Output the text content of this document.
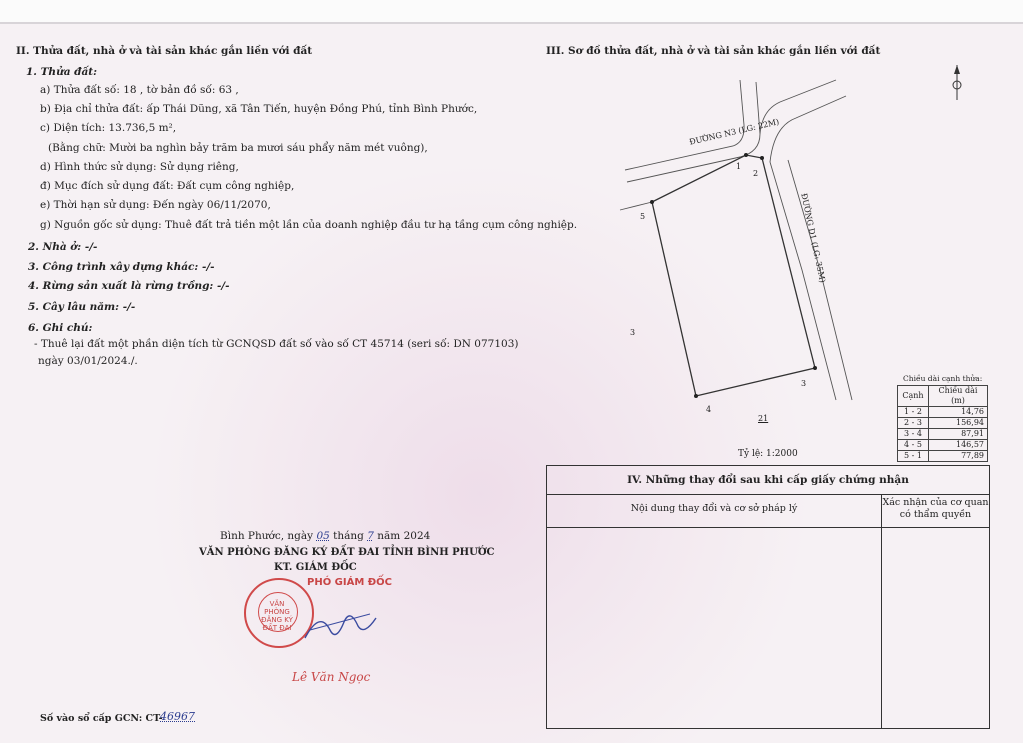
II. Thửa đất, nhà ở và tài sản khác gắn liền với đất
1. Thửa đất:
a) Thửa đất số: 18 , tờ bản đồ số: 63 ,
b) Địa chỉ thửa đất: ấp Thái Dũng, xã Tân Tiến, huyện Đồng Phú, tỉnh Bình Phước,
c) Diện tích: 13.736,5 m²,
(Bằng chữ: Mười ba nghìn bảy trăm ba mươi sáu phẩy năm mét vuông),
d) Hình thức sử dụng: Sử dụng riêng,
đ) Mục đích sử dụng đất: Đất cụm công nghiệp,
e) Thời hạn sử dụng: Đến ngày 06/11/2070,
g) Nguồn gốc sử dụng: Thuê đất trả tiền một lần của doanh nghiệp đầu tư hạ tầng cụm công nghiệp.
2. Nhà ở: -/-
3. Công trình xây dựng khác: -/-
4. Rừng sản xuất là rừng trồng: -/-
5. Cây lâu năm: -/-
6. Ghi chú:
- Thuê lại đất một phần diện tích từ GCNQSD đất số vào số CT 45714 (seri số: DN 077103)
ngày 03/01/2024./.
III. Sơ đồ thửa đất, nhà ở và tài sản khác gắn liền với đất
ĐƯỜNG N3 (LG: 22M)
ĐƯỜNG D1 (LG: 35M)
1
2
3
4
5
3
21
Tỷ lệ: 1:2000
Chiều dài cạnh thửa:
Cạnh	Chiều dài (m)
1 - 2	14,76
2 - 3	156,94
3 - 4	87,91
4 - 5	146,57
5 - 1	77,89
IV. Những thay đổi sau khi cấp giấy chứng nhận
Nội dung thay đổi và cơ sở pháp lý
Xác nhận của cơ quan có thẩm quyền
Bình Phước, ngày 05 tháng 7 năm 2024
VĂN PHÒNG ĐĂNG KÝ ĐẤT ĐAI TỈNH BÌNH PHƯỚC
KT. GIÁM ĐỐC
VĂN PHÒNG ĐĂNG KÝ ĐẤT ĐAI
PHÓ GIÁM ĐỐC
Lê Văn Ngọc
Số vào sổ cấp GCN: CT-
46967
